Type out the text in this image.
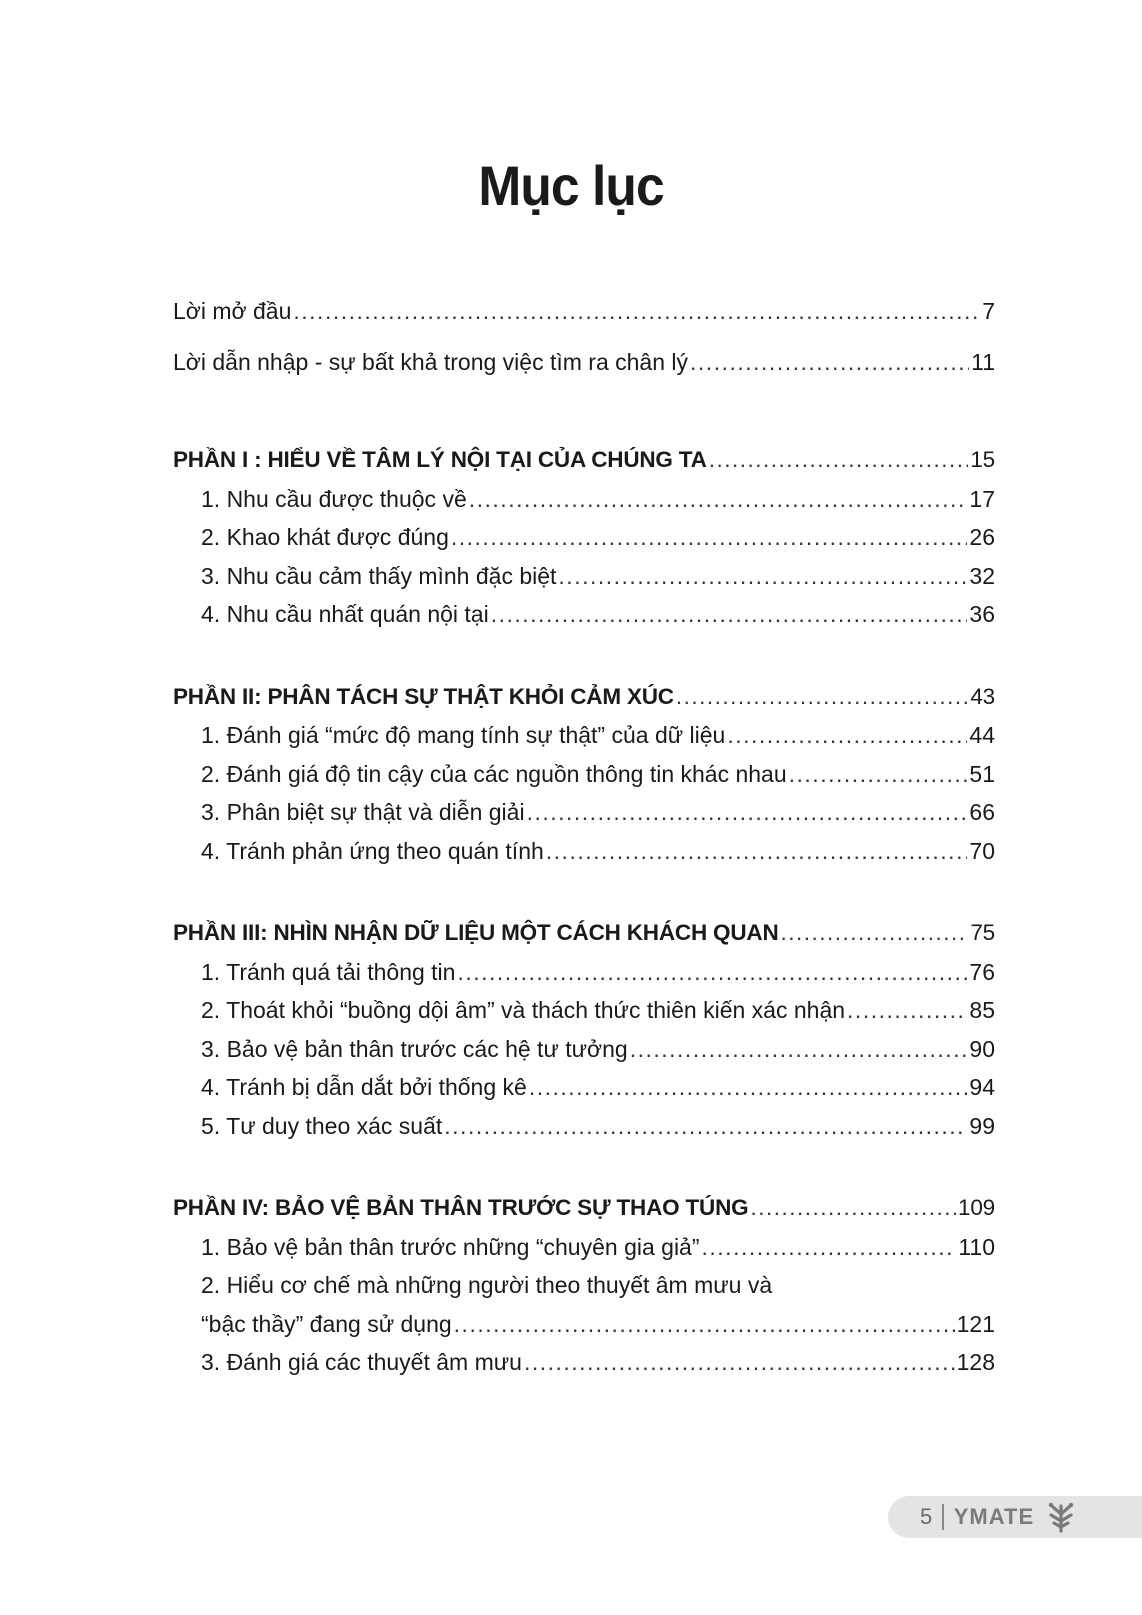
Mục lục
Lời mở đầu .....	7
Lời dẫn nhập - sự bất khả trong việc tìm ra chân lý .....	11
PHẦN I : HIỂU VỀ TÂM LÝ NỘI TẠI CỦA CHÚNG TA .....	15
1. Nhu cầu được thuộc về .....	17
2. Khao khát được đúng .....	26
3. Nhu cầu cảm thấy mình đặc biệt .....	32
4. Nhu cầu nhất quán nội tại .....	36
PHẦN II: PHÂN TÁCH SỰ THẬT KHỎI CẢM XÚC .....	43
1. Đánh giá “mức độ mang tính sự thật” của dữ liệu .....	44
2. Đánh giá độ tin cậy của các nguồn thông tin khác nhau .....	51
3. Phân biệt sự thật và diễn giải .....	66
4. Tránh phản ứng theo quán tính .....	70
PHẦN III: NHÌN NHẬN DỮ LIỆU MỘT CÁCH KHÁCH QUAN .....	75
1. Tránh quá tải thông tin .....	76
2. Thoát khỏi “buồng dội âm” và thách thức thiên kiến xác nhận .....	85
3. Bảo vệ bản thân trước các hệ tư tưởng .....	90
4. Tránh bị dẫn dắt bởi thống kê .....	94
5. Tư duy theo xác suất .....	99
PHẦN IV: BẢO VỆ BẢN THÂN TRƯỚC SỰ THAO TÚNG .....	109
1. Bảo vệ bản thân trước những “chuyên gia giả” .....	110
2. Hiểu cơ chế mà những người theo thuyết âm mưu và
“bậc thầy” đang sử dụng .....	121
3. Đánh giá các thuyết âm mưu .....	128
5 YMATE
